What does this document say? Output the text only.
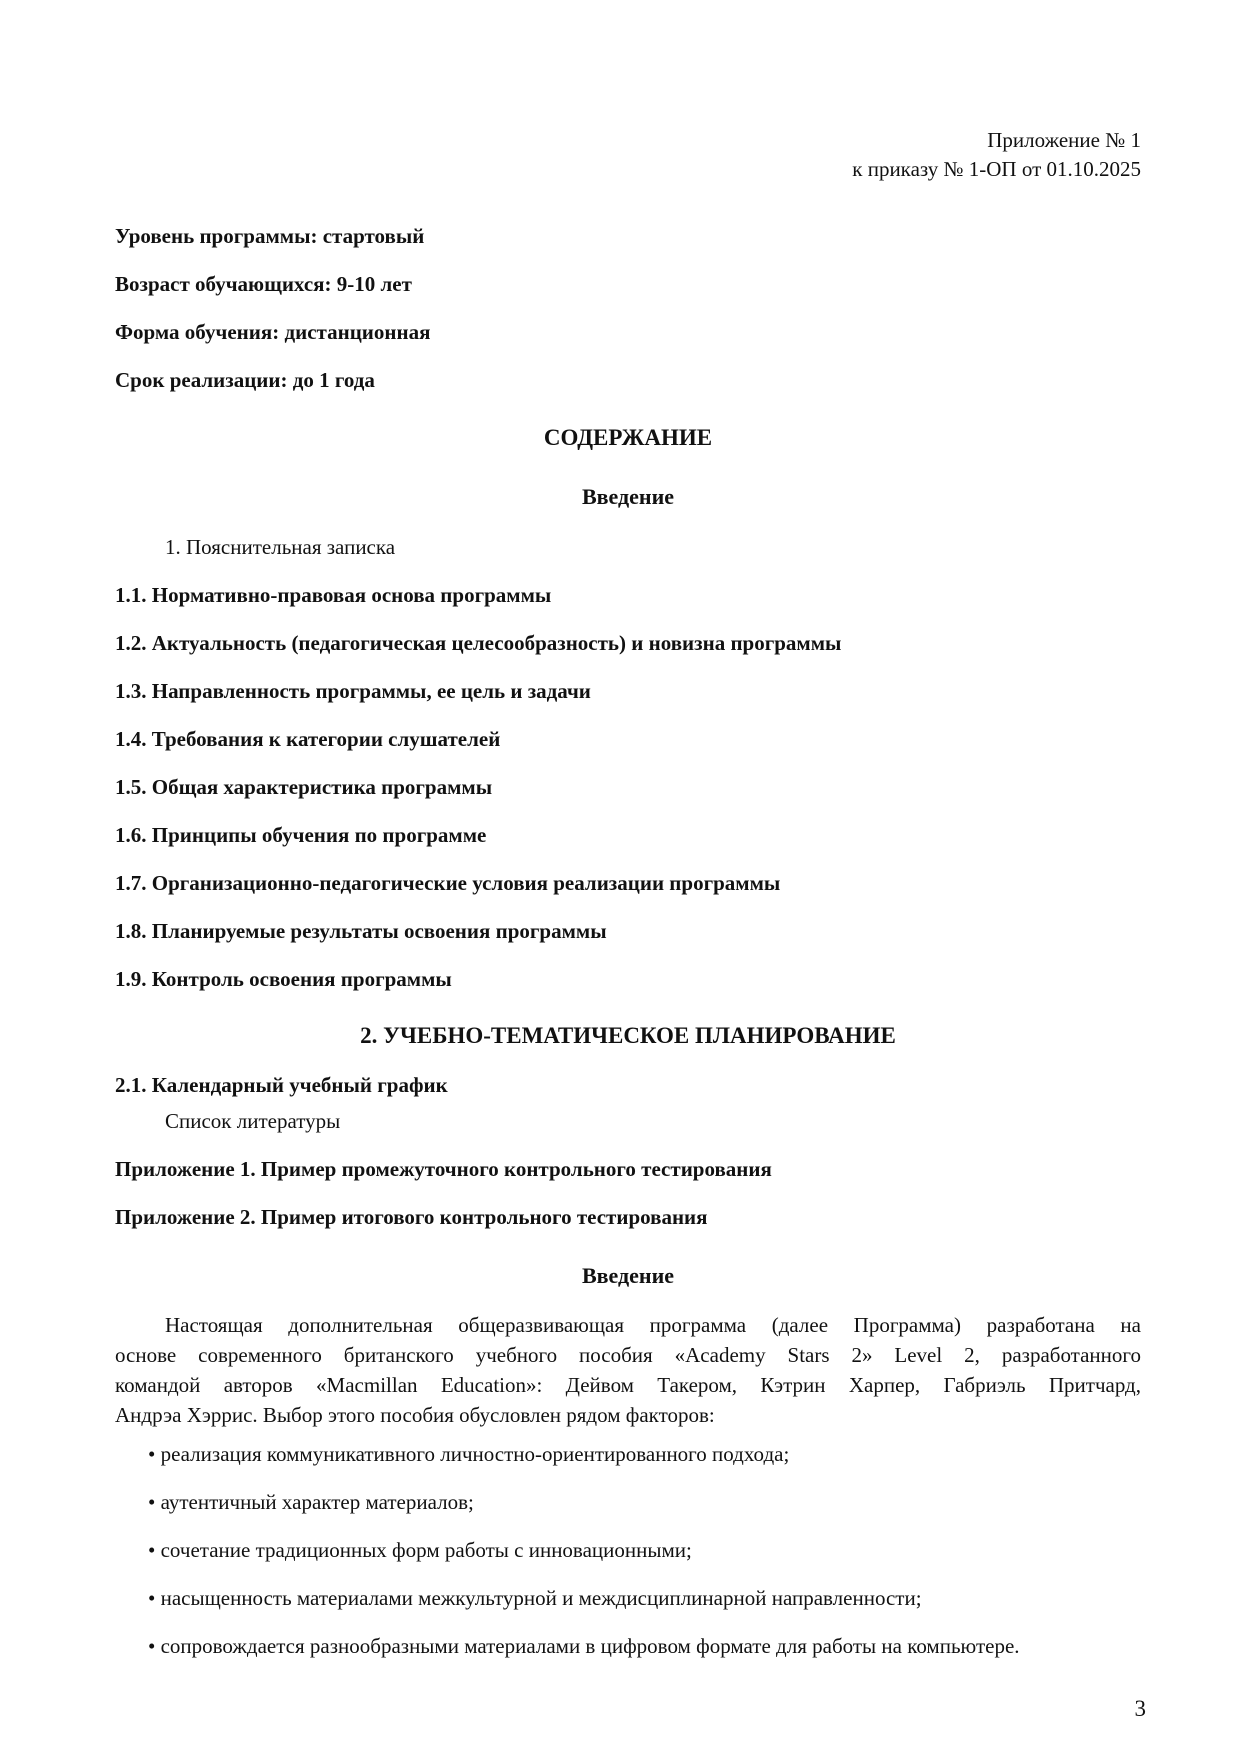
Приложение № 1
к приказу № 1-ОП от 01.10.2025
Уровень программы: стартовый
Возраст обучающихся: 9-10 лет
Форма обучения: дистанционная
Срок реализации: до 1 года
СОДЕРЖАНИЕ
Введение
1. Пояснительная записка
1.1. Нормативно-правовая основа программы
1.2. Актуальность (педагогическая целесообразность) и новизна программы
1.3. Направленность программы, ее цель и задачи
1.4. Требования к категории слушателей
1.5. Общая характеристика программы
1.6. Принципы обучения по программе
1.7. Организационно-педагогические условия реализации программы
1.8. Планируемые результаты освоения программы
1.9. Контроль освоения программы
2. УЧЕБНО-ТЕМАТИЧЕСКОЕ ПЛАНИРОВАНИЕ
2.1. Календарный учебный график
Список литературы
Приложение 1. Пример промежуточного контрольного тестирования
Приложение 2. Пример итогового контрольного тестирования
Введение
Настоящая дополнительная общеразвивающая программа (далее Программа) разработана на
основе современного британского учебного пособия «Academy Stars 2» Level 2, разработанного
командой авторов «Macmillan Education»: Дейвом Такером, Кэтрин Харпер, Габриэль Притчард,
Андрэа Хэррис. Выбор этого пособия обусловлен рядом факторов:
• реализация коммуникативного личностно-ориентированного подхода;
• аутентичный характер материалов;
• сочетание традиционных форм работы с инновационными;
• насыщенность материалами межкультурной и междисциплинарной направленности;
• сопровождается разнообразными материалами в цифровом формате для работы на компьютере.
3
